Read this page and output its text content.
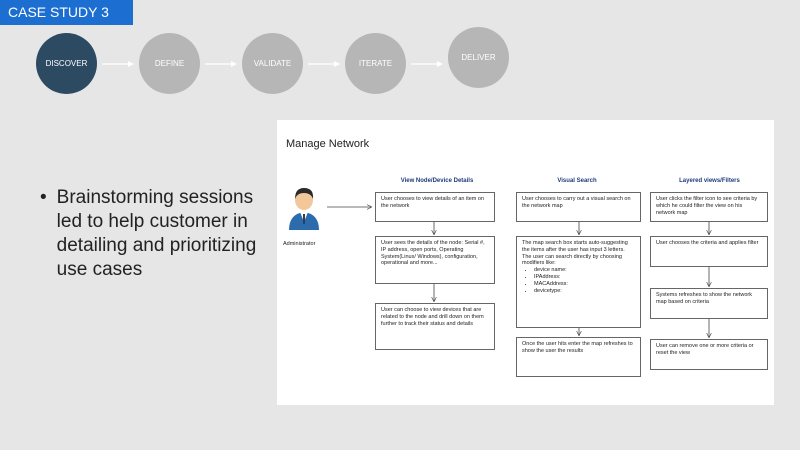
CASE STUDY 3
DISCOVER	DEFINE	VALIDATE	ITERATE
DELIVER
• Brainstorming sessions led to help customer in detailing and prioritizing use cases
Manage Network
Administrator
View Node/Device Details	Visual Search	Layered views/Filters
User chooses to view details of an item on the network
User sees the details of the node: Serial #, IP address, open ports, Operating System(Linux/ Windows), configuration, operational and more...
User can choose to view devices that are related to the node and drill down on them further to track their status and details
User chooses to carry out a visual search on the network map
The map search box starts auto-suggesting the items after the user has input 3 letters. The user can search directly by choosing modifiers like:
• device name:
• IPAddress:
• MACAddress:
• devicetype:
Once the user hits enter the map refreshes to show the user the results
User clicks the filter icon to see criteria by which he could filter the view on his network map
User chooses the criteria and applies filter
Systems refreshes to show the network map based on criteria
User can remove one or more criteria or reset the view
